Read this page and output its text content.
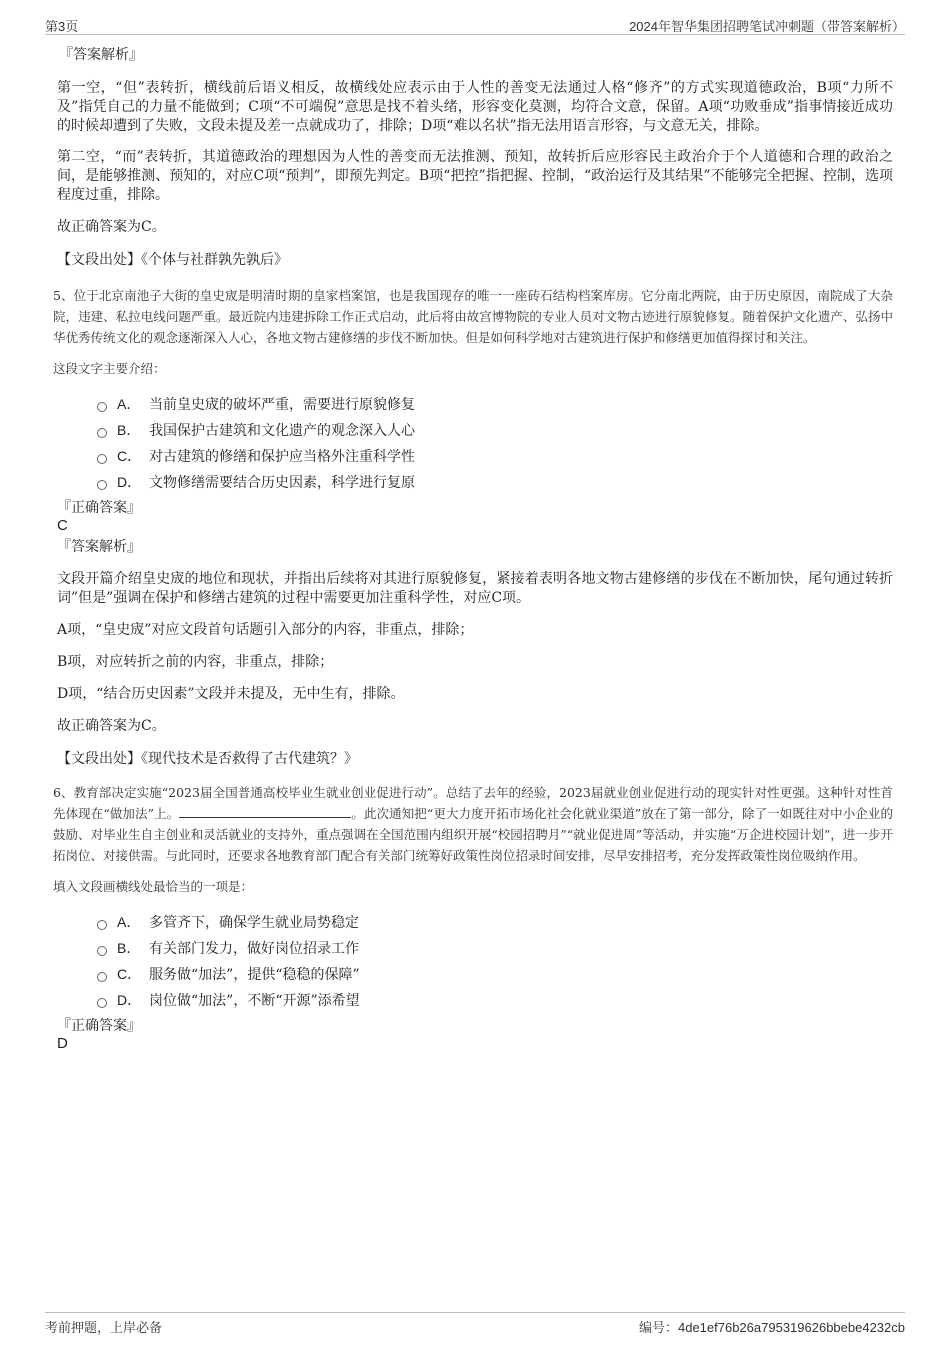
第3页	2024年智华集团招聘笔试冲刺题（带答案解析）
『答案解析』

第一空，“但”表转折，横线前后语义相反，故横线处应表示由于人性的善变无法通过人格“修齐”的方式实现道德政治，B项“力所不及”指凭自己的力量不能做到；C项“不可端倪”意思是找不着头绪，形容变化莫测，均符合文意，保留。A项“功败垂成”指事情接近成功的时候却遭到了失败，文段未提及差一点就成功了，排除；D项“难以名状”指无法用语言形容，与文意无关，排除。

第二空，“而”表转折，其道德政治的理想因为人性的善变而无法推测、预知，故转折后应形容民主政治介于个人道德和合理的政治之间，是能够推测、预知的，对应C项“预判”，即预先判定。B项“把控”指把握、控制，“政治运行及其结果”不能够完全把握、控制，选项程度过重，排除。

故正确答案为C。

【文段出处】《个体与社群孰先孰后》

5、位于北京南池子大街的皇史宬是明清时期的皇家档案馆，也是我国现存的唯一一座砖石结构档案库房。它分南北两院，由于历史原因，南院成了大杂院，违建、私拉电线问题严重。最近院内违建拆除工作正式启动，此后将由故宫博物院的专业人员对文物古迹进行原貌修复。随着保护文化遗产、弘扬中华优秀传统文化的观念逐渐深入人心，各地文物古建修缮的步伐不断加快。但是如何科学地对古建筑进行保护和修缮更加值得探讨和关注。

这段文字主要介绍：

A． 当前皇史宬的破坏严重，需要进行原貌修复
B． 我国保护古建筑和文化遗产的观念深入人心
C． 对古建筑的修缮和保护应当格外注重科学性
D． 文物修缮需要结合历史因素，科学进行复原
『正确答案』
C
『答案解析』

文段开篇介绍皇史宬的地位和现状，并指出后续将对其进行原貌修复，紧接着表明各地文物古建修缮的步伐在不断加快，尾句通过转折词”但是”强调在保护和修缮古建筑的过程中需要更加注重科学性，对应C项。

A项，“皇史宬”对应文段首句话题引入部分的内容，非重点，排除；

B项，对应转折之前的内容，非重点，排除；

D项，“结合历史因素”文段并未提及，无中生有，排除。

故正确答案为C。

【文段出处】《现代技术是否救得了古代建筑？》

6、教育部决定实施“2023届全国普通高校毕业生就业创业促进行动”。总结了去年的经验，2023届就业创业促进行动的现实针对性更强。这种针对性首先体现在“做加法”上。	。此次通知把“更大力度开拓市场化社会化就业渠道”放在了第一部分，除了一如既往对中小企业的鼓励、对毕业生自主创业和灵活就业的支持外，重点强调在全国范围内组织开展“校园招聘月”“就业促进周”等活动，并实施“万企进校园计划”，进一步开拓岗位、对接供需。与此同时，还要求各地教育部门配合有关部门统筹好政策性岗位招录时间安排，尽早安排招考，充分发挥政策性岗位吸纳作用。

填入文段画横线处最恰当的一项是：

A． 多管齐下，确保学生就业局势稳定
B． 有关部门发力，做好岗位招录工作
C． 服务做“加法”，提供“稳稳的保障”
D． 岗位做“加法”，不断“开源”添希望
『正确答案』
D
考前押题，上岸必备	编号：4de1ef76b26a795319626bbebe4232cb
